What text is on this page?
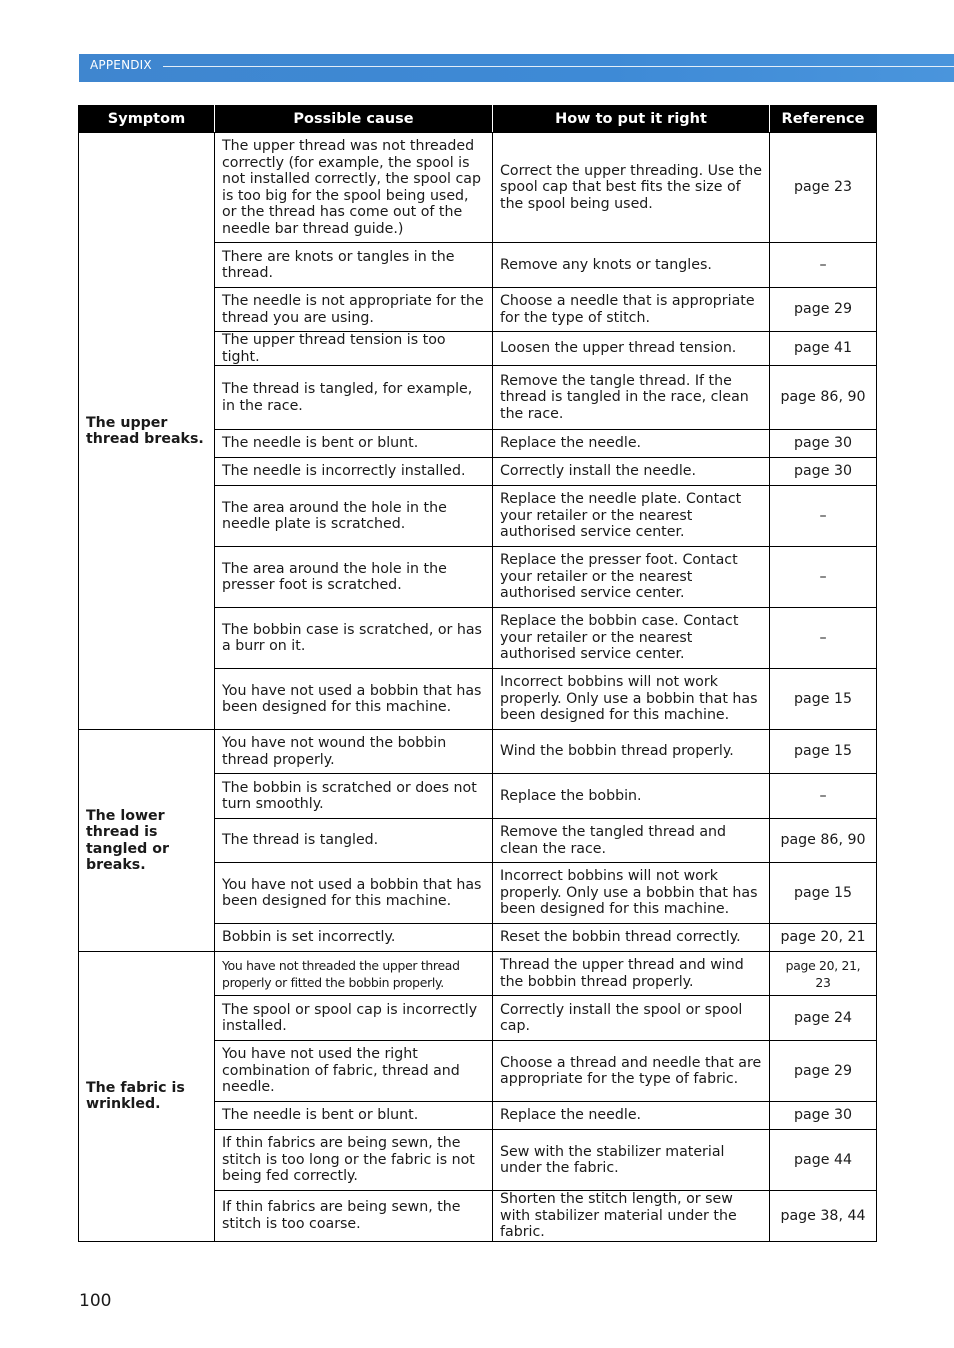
APPENDIX
Symptom	Possible cause	How to put it right	Reference
The upper thread breaks.	The upper thread was not threaded correctly (for example, the spool is not installed correctly, the spool cap is too big for the spool being used, or the thread has come out of the needle bar thread guide.)	Correct the upper threading. Use the spool cap that best fits the size of the spool being used.	page 23
	There are knots or tangles in the thread.	Remove any knots or tangles.	–
	The needle is not appropriate for the thread you are using.	Choose a needle that is appropriate for the type of stitch.	page 29
	The upper thread tension is too tight.	Loosen the upper thread tension.	page 41
	The thread is tangled, for example, in the race.	Remove the tangle thread. If the thread is tangled in the race, clean the race.	page 86, 90
	The needle is bent or blunt.	Replace the needle.	page 30
	The needle is incorrectly installed.	Correctly install the needle.	page 30
	The area around the hole in the needle plate is scratched.	Replace the needle plate. Contact your retailer or the nearest authorised service center.	–
	The area around the hole in the presser foot is scratched.	Replace the presser foot. Contact your retailer or the nearest authorised service center.	–
	The bobbin case is scratched, or has a burr on it.	Replace the bobbin case. Contact your retailer or the nearest authorised service center.	–
	You have not used a bobbin that has been designed for this machine.	Incorrect bobbins will not work properly. Only use a bobbin that has been designed for this machine.	page 15
The lower thread is tangled or breaks.	You have not wound the bobbin thread properly.	Wind the bobbin thread properly.	page 15
	The bobbin is scratched or does not turn smoothly.	Replace the bobbin.	–
	The thread is tangled.	Remove the tangled thread and clean the race.	page 86, 90
	You have not used a bobbin that has been designed for this machine.	Incorrect bobbins will not work properly. Only use a bobbin that has been designed for this machine.	page 15
	Bobbin is set incorrectly.	Reset the bobbin thread correctly.	page 20, 21
The fabric is wrinkled.	You have not threaded the upper thread properly or fitted the bobbin properly.	Thread the upper thread and wind the bobbin thread properly.	page 20, 21, 23
	The spool or spool cap is incorrectly installed.	Correctly install the spool or spool cap.	page 24
	You have not used the right combination of fabric, thread and needle.	Choose a thread and needle that are appropriate for the type of fabric.	page 29
	The needle is bent or blunt.	Replace the needle.	page 30
	If thin fabrics are being sewn, the stitch is too long or the fabric is not being fed correctly.	Sew with the stabilizer material under the fabric.	page 44
	If thin fabrics are being sewn, the stitch is too coarse.	Shorten the stitch length, or sew with stabilizer material under the fabric.	page 38, 44
100
